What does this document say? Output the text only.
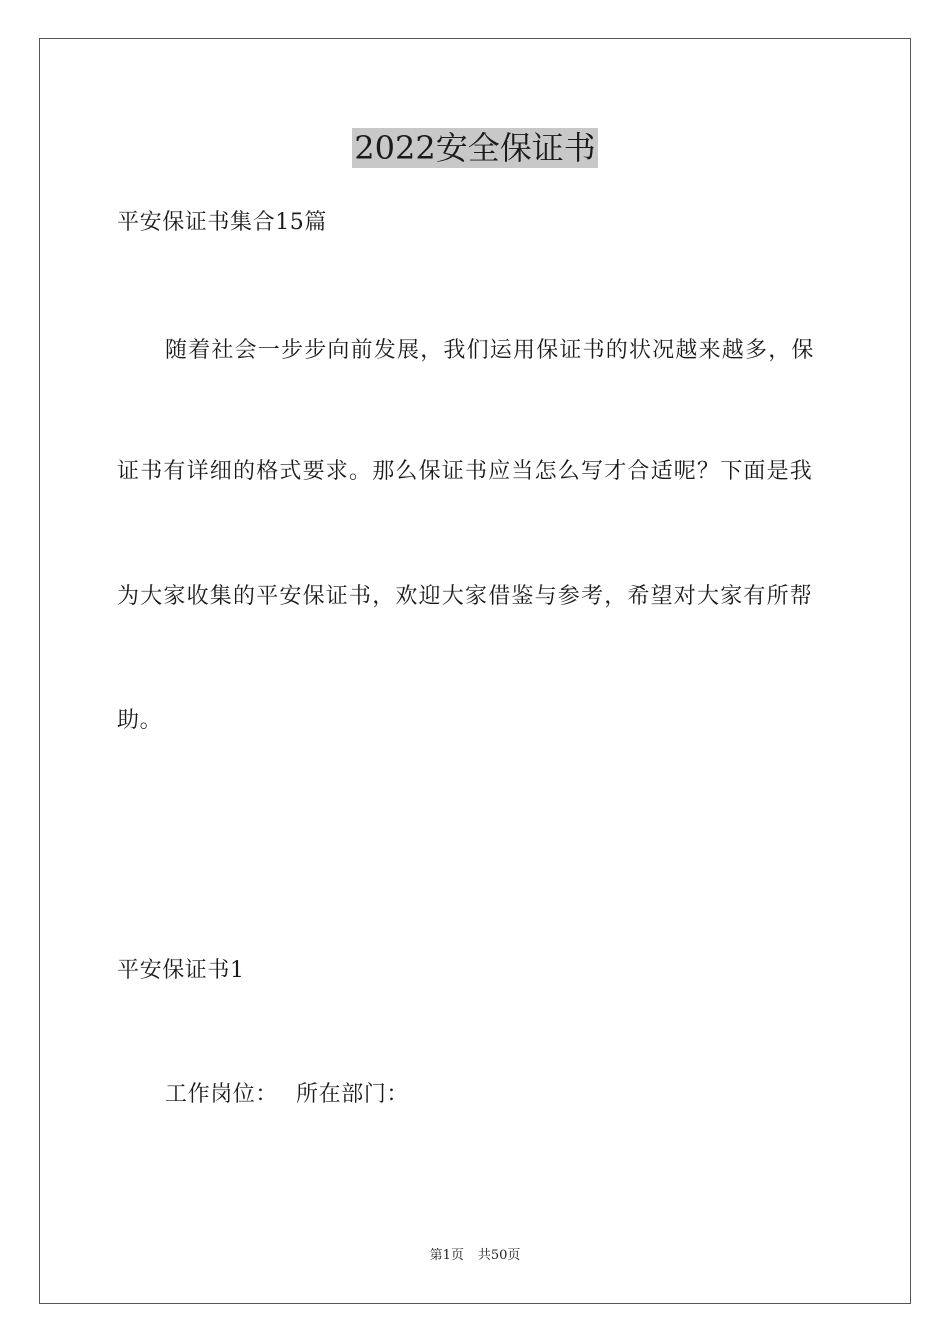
2022安全保证书
平安保证书集合15篇
随着社会一步步向前发展，我们运用保证书的状况越来越多，保
证书有详细的格式要求。那么保证书应当怎么写才合适呢？下面是我
为大家收集的平安保证书，欢迎大家借鉴与参考，希望对大家有所帮
助。
平安保证书1
工作岗位： 所在部门：
第1页 共50页
